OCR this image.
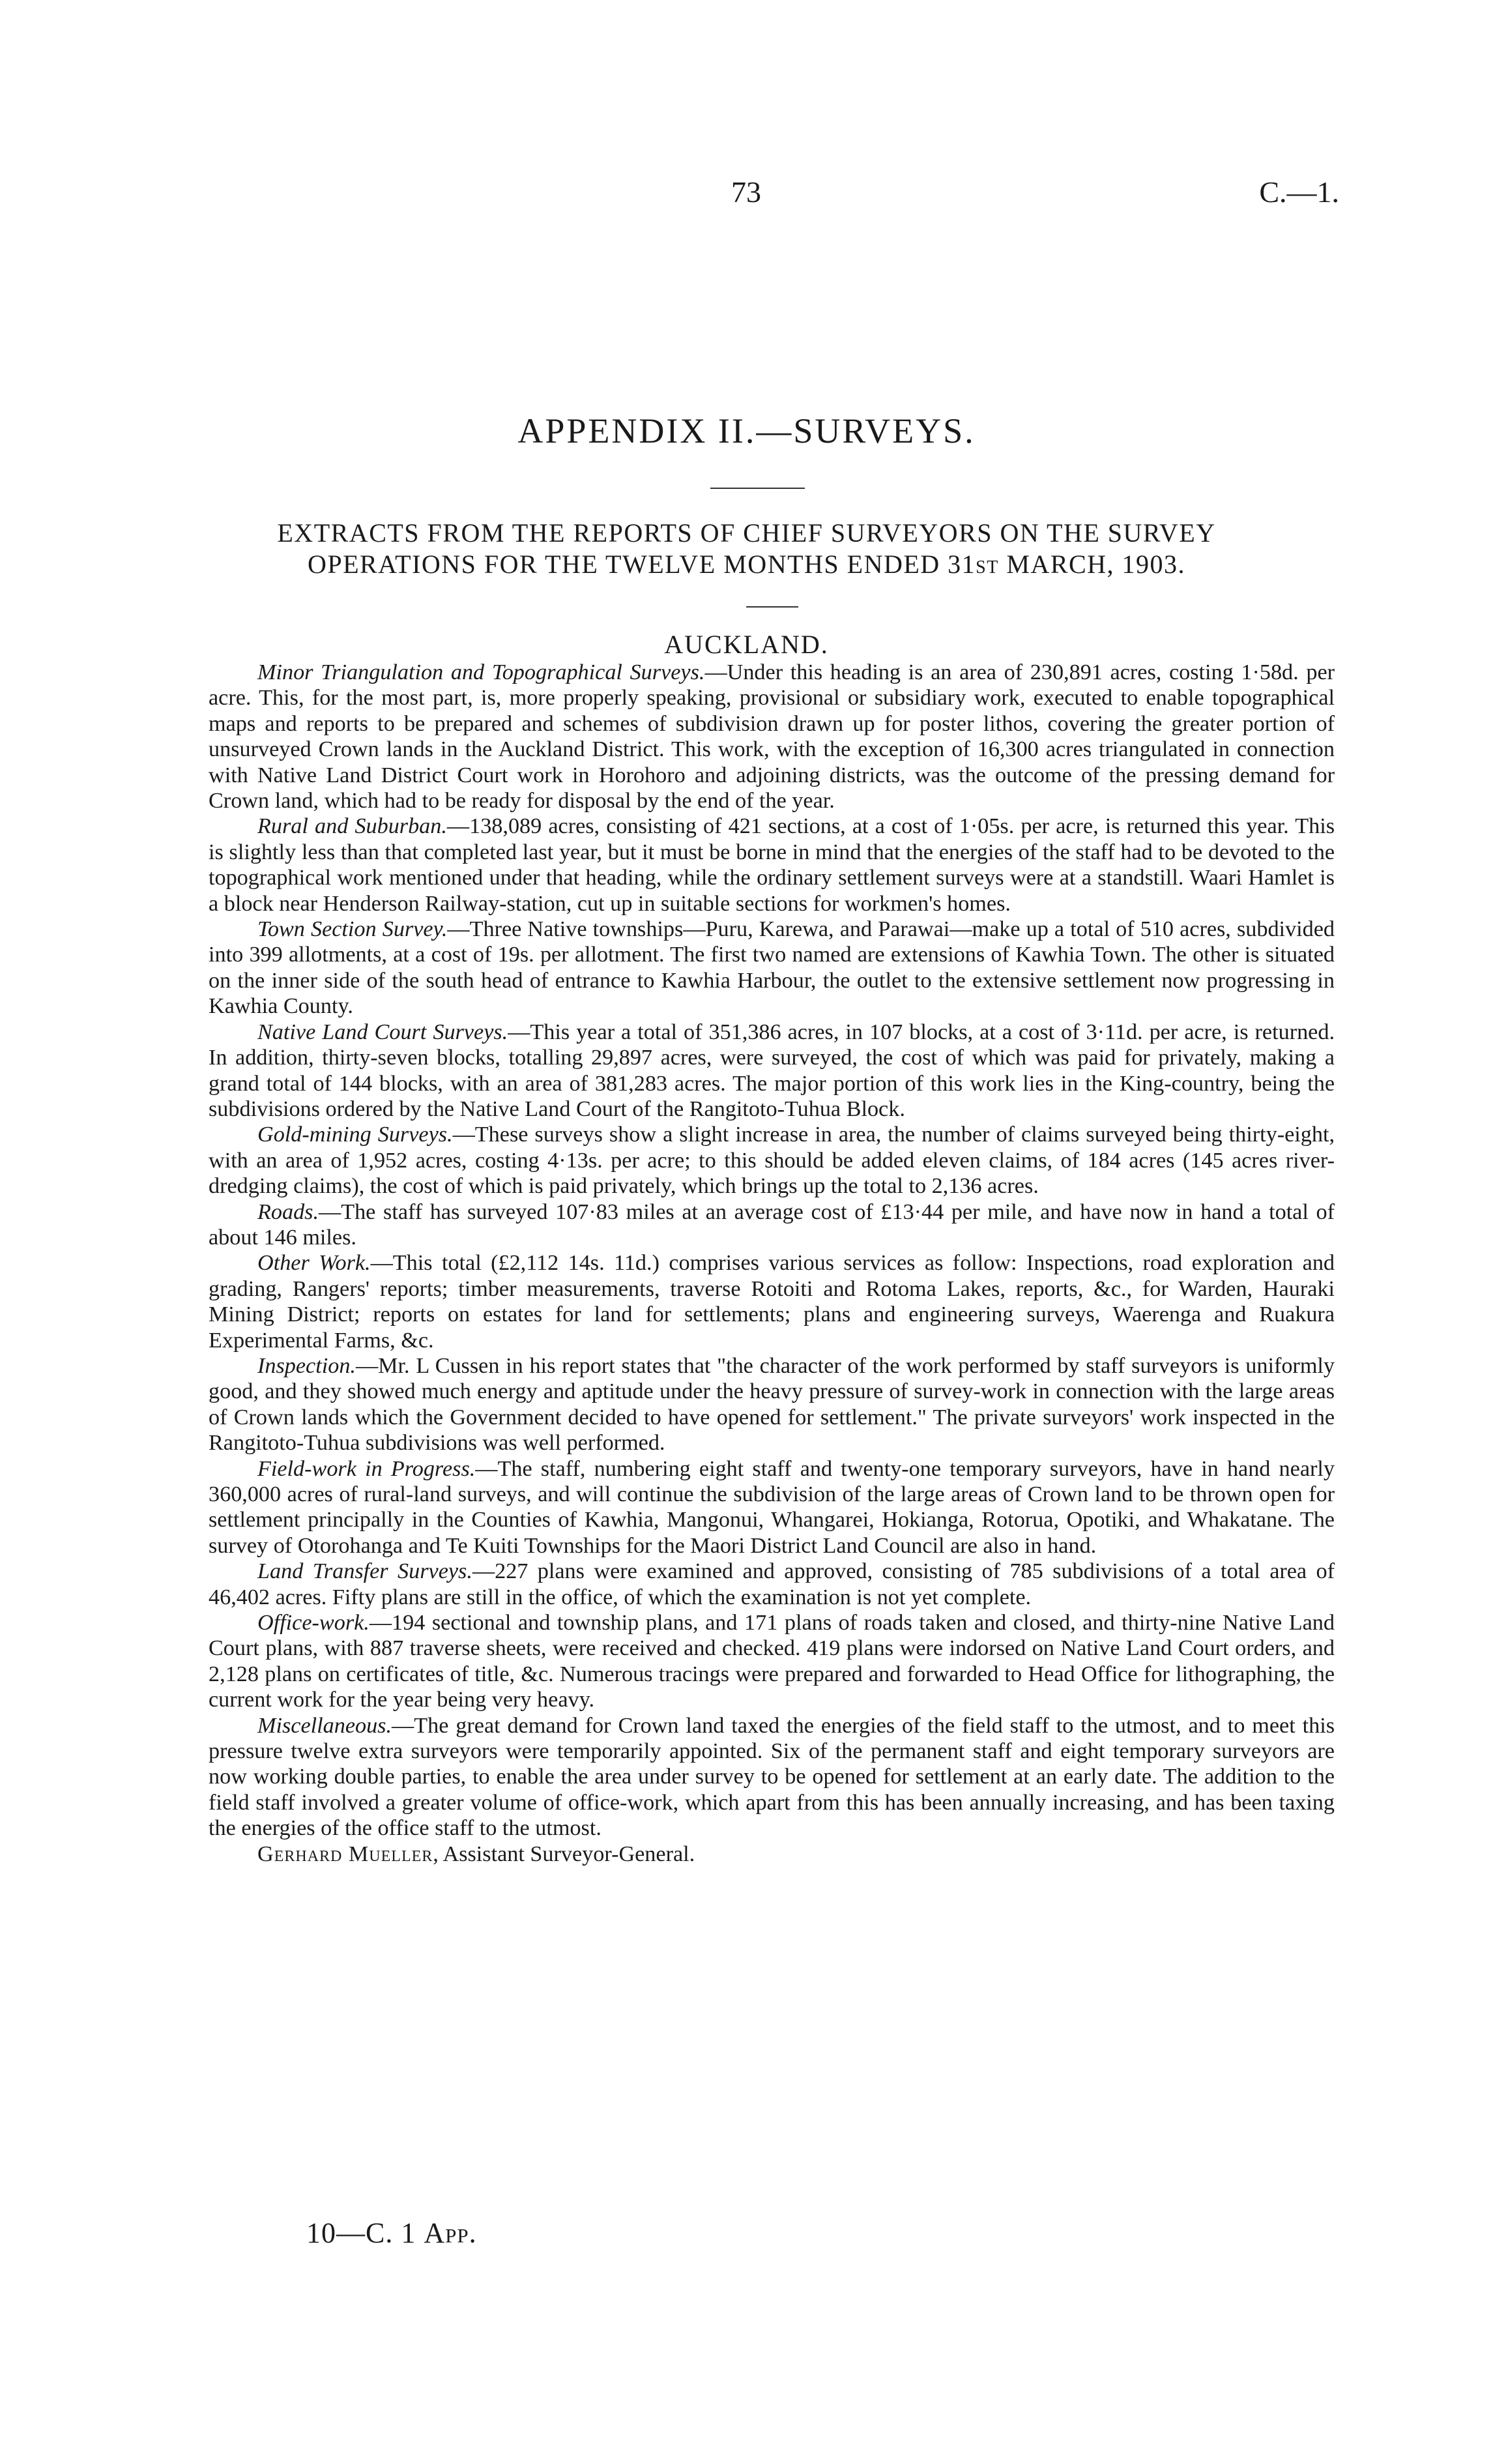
73	C.—1.
APPENDIX II.—SURVEYS.
EXTRACTS FROM THE REPORTS OF CHIEF SURVEYORS ON THE SURVEY
OPERATIONS FOR THE TWELVE MONTHS ENDED 31ST MARCH, 1903.
AUCKLAND.

Minor Triangulation and Topographical Surveys.—Under this heading is an area of 230,891 acres, costing 1·58d. per acre. This, for the most part, is, more properly speaking, provisional or subsidiary work, executed to enable topographical maps and reports to be prepared and schemes of subdivision drawn up for poster lithos, covering the greater portion of unsurveyed Crown lands in the Auckland District. This work, with the exception of 16,300 acres triangulated in connection with Native Land District Court work in Horohoro and adjoining districts, was the outcome of the pressing demand for Crown land, which had to be ready for disposal by the end of the year.

Rural and Suburban.—138,089 acres, consisting of 421 sections, at a cost of 1·05s. per acre, is returned this year. This is slightly less than that completed last year, but it must be borne in mind that the energies of the staff had to be devoted to the topographical work mentioned under that heading, while the ordinary settlement surveys were at a standstill. Waari Hamlet is a block near Henderson Railway-station, cut up in suitable sections for workmen's homes.

Town Section Survey.—Three Native townships—Puru, Karewa, and Parawai—make up a total of 510 acres, subdivided into 399 allotments, at a cost of 19s. per allotment. The first two named are extensions of Kawhia Town. The other is situated on the inner side of the south head of entrance to Kawhia Harbour, the outlet to the extensive settlement now progressing in Kawhia County.

Native Land Court Surveys.—This year a total of 351,386 acres, in 107 blocks, at a cost of 3·11d. per acre, is returned. In addition, thirty-seven blocks, totalling 29,897 acres, were surveyed, the cost of which was paid for privately, making a grand total of 144 blocks, with an area of 381,283 acres. The major portion of this work lies in the King-country, being the subdivisions ordered by the Native Land Court of the Rangitoto-Tuhua Block.

Gold-mining Surveys.—These surveys show a slight increase in area, the number of claims surveyed being thirty-eight, with an area of 1,952 acres, costing 4·13s. per acre; to this should be added eleven claims, of 184 acres (145 acres river-dredging claims), the cost of which is paid privately, which brings up the total to 2,136 acres.

Roads.—The staff has surveyed 107·83 miles at an average cost of £13·44 per mile, and have now in hand a total of about 146 miles.

Other Work.—This total (£2,112 14s. 11d.) comprises various services as follow: Inspections, road exploration and grading, Rangers' reports; timber measurements, traverse Rotoiti and Rotoma Lakes, reports, &c., for Warden, Hauraki Mining District; reports on estates for land for settlements; plans and engineering surveys, Waerenga and Ruakura Experimental Farms, &c.

Inspection.—Mr. L Cussen in his report states that "the character of the work performed by staff surveyors is uniformly good, and they showed much energy and aptitude under the heavy pressure of survey-work in connection with the large areas of Crown lands which the Government decided to have opened for settlement." The private surveyors' work inspected in the Rangitoto-Tuhua subdivisions was well performed.

Field-work in Progress.—The staff, numbering eight staff and twenty-one temporary surveyors, have in hand nearly 360,000 acres of rural-land surveys, and will continue the subdivision of the large areas of Crown land to be thrown open for settlement principally in the Counties of Kawhia, Mangonui, Whangarei, Hokianga, Rotorua, Opotiki, and Whakatane. The survey of Otorohanga and Te Kuiti Townships for the Maori District Land Council are also in hand.

Land Transfer Surveys.—227 plans were examined and approved, consisting of 785 subdivisions of a total area of 46,402 acres. Fifty plans are still in the office, of which the examination is not yet complete.

Office-work.—194 sectional and township plans, and 171 plans of roads taken and closed, and thirty-nine Native Land Court plans, with 887 traverse sheets, were received and checked. 419 plans were indorsed on Native Land Court orders, and 2,128 plans on certificates of title, &c. Numerous tracings were prepared and forwarded to Head Office for lithographing, the current work for the year being very heavy.

Miscellaneous.—The great demand for Crown land taxed the energies of the field staff to the utmost, and to meet this pressure twelve extra surveyors were temporarily appointed. Six of the permanent staff and eight temporary surveyors are now working double parties, to enable the area under survey to be opened for settlement at an early date. The addition to the field staff involved a greater volume of office-work, which apart from this has been annually increasing, and has been taxing the energies of the office staff to the utmost.

Gerhard Mueller, Assistant Surveyor-General.

10—C. 1 App.
